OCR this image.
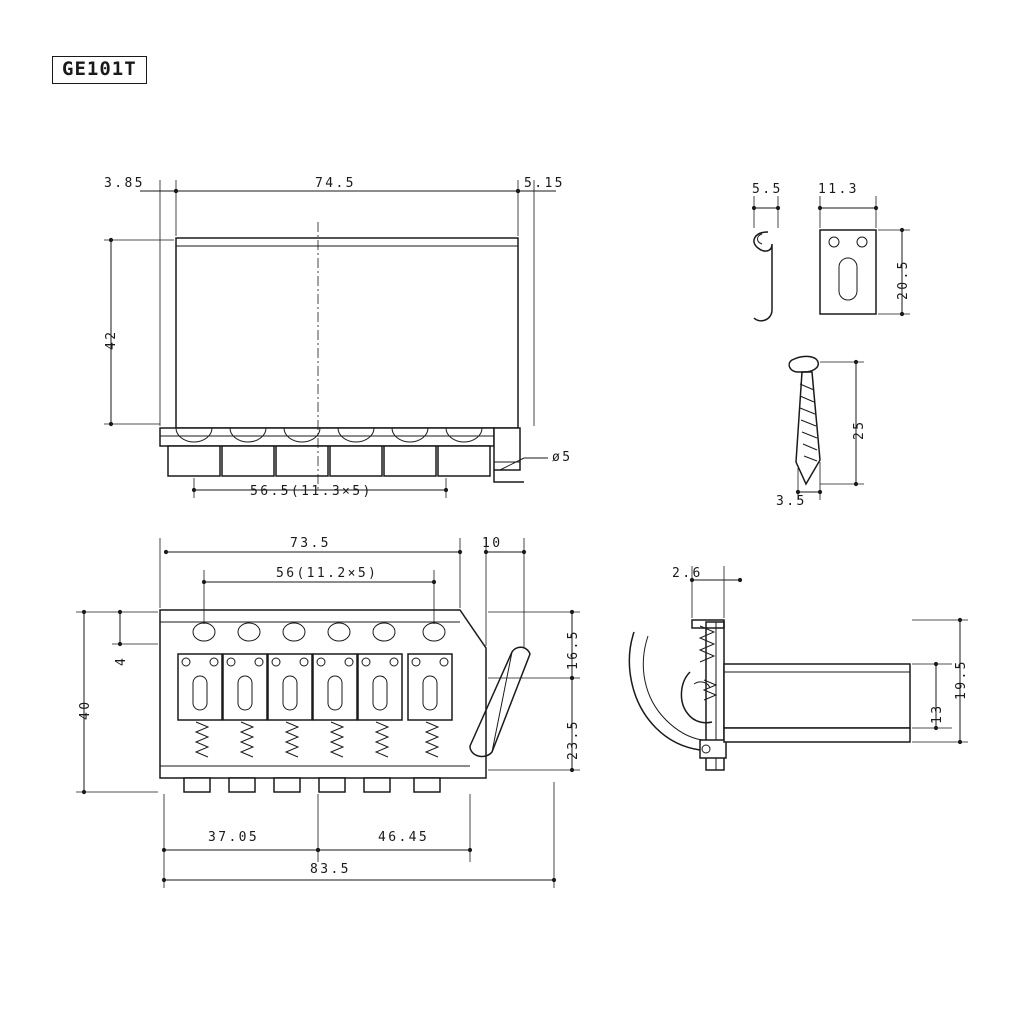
GE101T
3.85	74.5	5.15
42
56.5(11.3×5)
ø5
73.5	10
56(11.2×5)
40
4	16.5
23.5
37.05	46.45
83.5
5.5	11.3
20.5
25
3.5
2.6
19.5
13
